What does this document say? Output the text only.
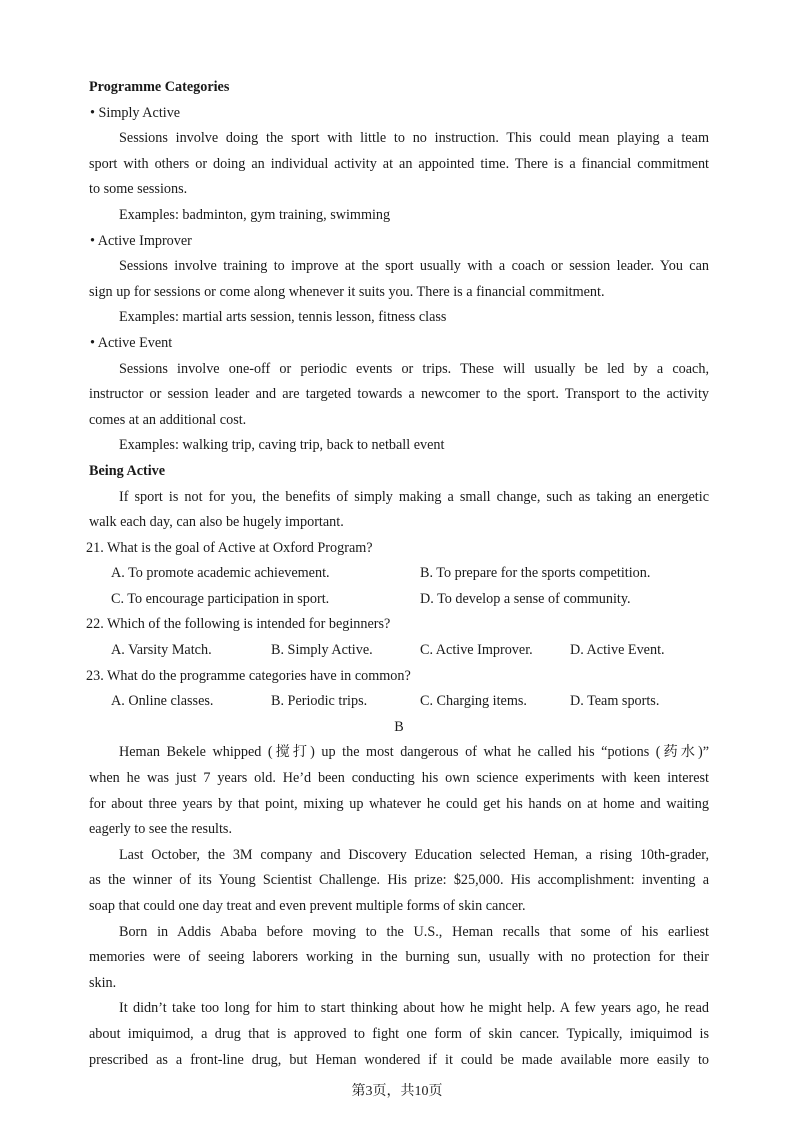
Programme Categories
• Simply Active
Sessions involve doing the sport with little to no instruction. This could mean playing a team
sport with others or doing an individual activity at an appointed time. There is a financial commitment
to some sessions.
Examples: badminton, gym training, swimming
• Active Improver
Sessions involve training to improve at the sport usually with a coach or session leader. You can
sign up for sessions or come along whenever it suits you. There is a financial commitment.
Examples: martial arts session, tennis lesson, fitness class
• Active Event
Sessions involve one-off or periodic events or trips. These will usually be led by a coach,
instructor or session leader and are targeted towards a newcomer to the sport. Transport to the activity
comes at an additional cost.
Examples: walking trip, caving trip, back to netball event
Being Active
If sport is not for you, the benefits of simply making a small change, such as taking an energetic
walk each day, can also be hugely important.
21. What is the goal of Active at Oxford Program?
A. To promote academic achievement.	B. To prepare for the sports competition.
C. To encourage participation in sport.	D. To develop a sense of community.
22. Which of the following is intended for beginners?
A. Varsity Match.	B. Simply Active.	C. Active Improver.	D. Active Event.
23. What do the programme categories have in common?
A. Online classes.	B. Periodic trips.	C. Charging items.	D. Team sports.
B
Heman Bekele whipped (搅打) up the most dangerous of what he called his “potions (药水)”
when he was just 7 years old. He’d been conducting his own science experiments with keen interest
for about three years by that point, mixing up whatever he could get his hands on at home and waiting
eagerly to see the results.
Last October, the 3M company and Discovery Education selected Heman, a rising 10th-grader,
as the winner of its Young Scientist Challenge. His prize: $25,000. His accomplishment: inventing a
soap that could one day treat and even prevent multiple forms of skin cancer.
Born in Addis Ababa before moving to the U.S., Heman recalls that some of his earliest
memories were of seeing laborers working in the burning sun, usually with no protection for their
skin.
It didn’t take too long for him to start thinking about how he might help. A few years ago, he read
about imiquimod, a drug that is approved to fight one form of skin cancer. Typically, imiquimod is
prescribed as a front-line drug, but Heman wondered if it could be made available more easily to
第3页，共10页
